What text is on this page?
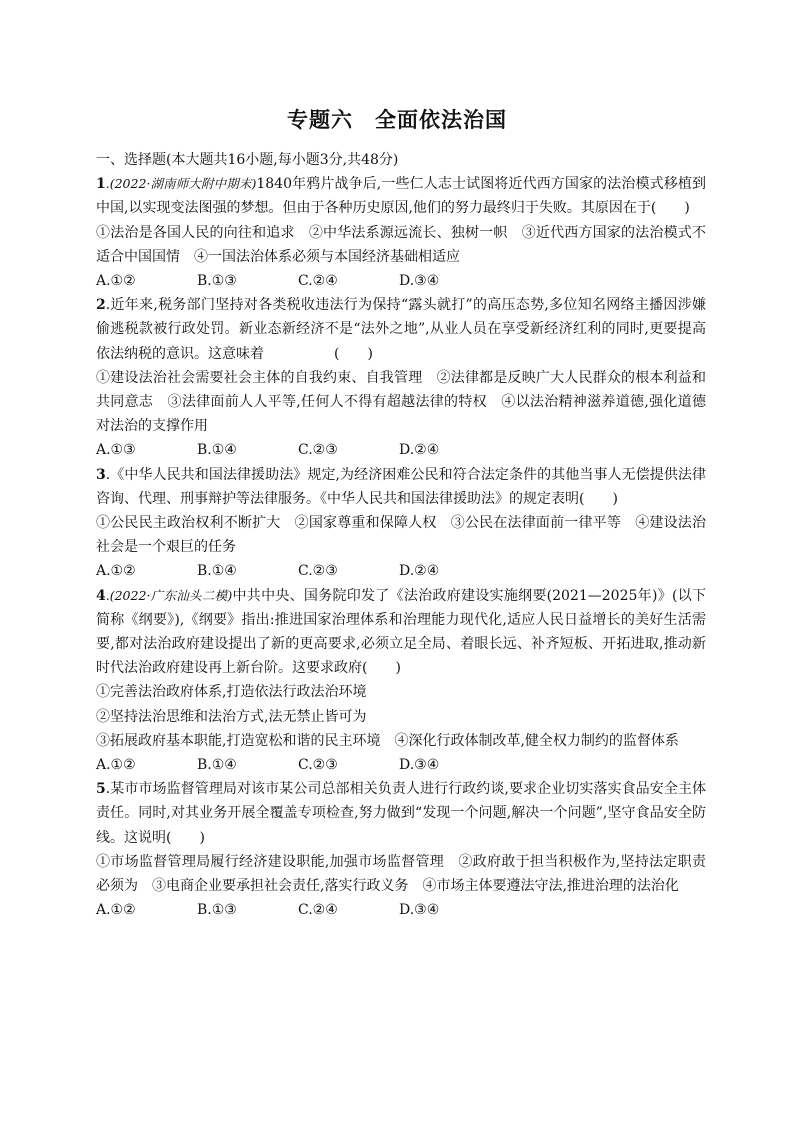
专题六　全面依法治国
一、选择题(本大题共16小题,每小题3分,共48分)

1.(2022·湖南师大附中期末)1840年鸦片战争后,一些仁人志士试图将近代西方国家的法治模式移植到中国,以实现变法图强的梦想。但由于各种历史原因,他们的努力最终归于失败。其原因在于(　　)

①法治是各国人民的向往和追求　②中华法系源远流长、独树一帜　③近代西方国家的法治模式不适合中国国情　④一国法治体系必须与本国经济基础相适应

A.①②	B.①③	C.②④	D.③④

2.近年来,税务部门坚持对各类税收违法行为保持“露头就打”的高压态势,多位知名网络主播因涉嫌偷逃税款被行政处罚。新业态新经济不是“法外之地”,从业人员在享受新经济红利的同时,更要提高依法纳税的意识。这意味着　　　　　(　　)

①建设法治社会需要社会主体的自我约束、自我管理　②法律都是反映广大人民群众的根本利益和共同意志　③法律面前人人平等,任何人不得有超越法律的特权　④以法治精神滋养道德,强化道德对法治的支撑作用

A.①③	B.①④	C.②③	D.②④

3.《中华人民共和国法律援助法》规定,为经济困难公民和符合法定条件的其他当事人无偿提供法律咨询、代理、刑事辩护等法律服务。《中华人民共和国法律援助法》的规定表明(　　)

①公民民主政治权利不断扩大　②国家尊重和保障人权　③公民在法律面前一律平等　④建设法治社会是一个艰巨的任务

A.①②	B.①④	C.②③	D.②④

4.(2022·广东汕头二模)中共中央、国务院印发了《法治政府建设实施纲要(2021—2025年)》(以下简称《纲要》),《纲要》指出:推进国家治理体系和治理能力现代化,适应人民日益增长的美好生活需要,都对法治政府建设提出了新的更高要求,必须立足全局、着眼长远、补齐短板、开拓进取,推动新时代法治政府建设再上新台阶。这要求政府(　　)

①完善法治政府体系,打造依法行政法治环境

②坚持法治思维和法治方式,法无禁止皆可为

③拓展政府基本职能,打造宽松和谐的民主环境　④深化行政体制改革,健全权力制约的监督体系

A.①②	B.①④	C.②③	D.③④

5.某市市场监督管理局对该市某公司总部相关负责人进行行政约谈,要求企业切实落实食品安全主体责任。同时,对其业务开展全覆盖专项检查,努力做到“发现一个问题,解决一个问题”,坚守食品安全防线。这说明(　　)

①市场监督管理局履行经济建设职能,加强市场监督管理　②政府敢于担当积极作为,坚持法定职责必须为　③电商企业要承担社会责任,落实行政义务　④市场主体要遵法守法,推进治理的法治化

A.①②	B.①③	C.②④	D.③④
